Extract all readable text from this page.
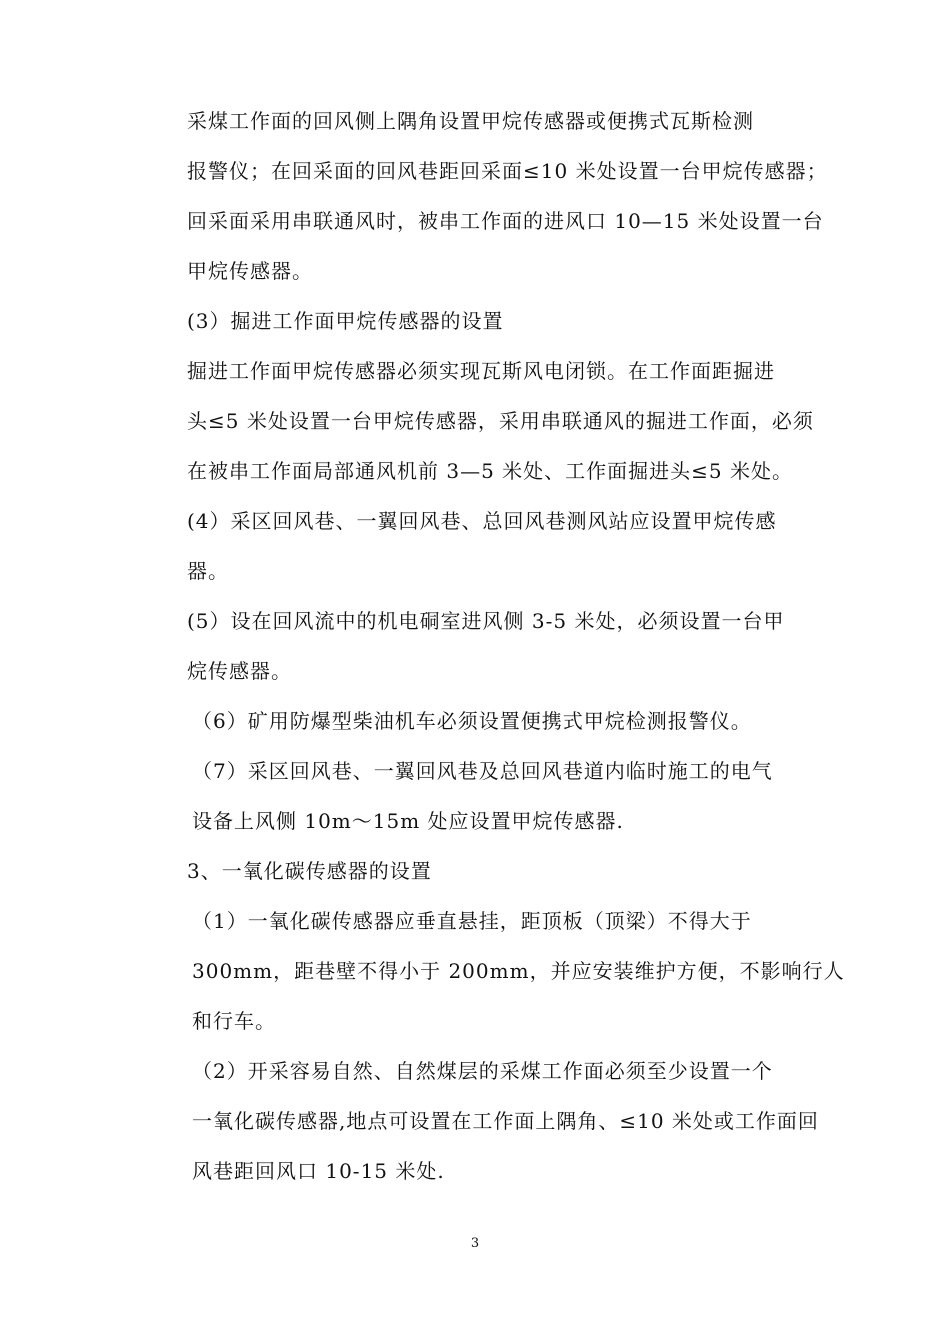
采煤工作面的回风侧上隅角设置甲烷传感器或便携式瓦斯检测
报警仪；在回采面的回风巷距回采面≤10 米处设置一台甲烷传感器；
回采面采用串联通风时，被串工作面的进风口 10—15 米处设置一台
甲烷传感器。

(3）掘进工作面甲烷传感器的设置

掘进工作面甲烷传感器必须实现瓦斯风电闭锁。在工作面距掘进
头≤5 米处设置一台甲烷传感器，采用串联通风的掘进工作面，必须
在被串工作面局部通风机前 3—5 米处、工作面掘进头≤5 米处。

(4）采区回风巷、一翼回风巷、总回风巷测风站应设置甲烷传感
器。

(5）设在回风流中的机电硐室进风侧 3-5 米处，必须设置一台甲
烷传感器。

（6）矿用防爆型柴油机车必须设置便携式甲烷检测报警仪。

（7）采区回风巷、一翼回风巷及总回风巷道内临时施工的电气
设备上风侧 10m～15m 处应设置甲烷传感器.

3、一氧化碳传感器的设置

（1）一氧化碳传感器应垂直悬挂，距顶板（顶梁）不得大于
300mm，距巷壁不得小于 200mm，并应安装维护方便，不影响行人
和行车。

（2）开采容易自然、自然煤层的采煤工作面必须至少设置一个
一氧化碳传感器,地点可设置在工作面上隅角、≤10 米处或工作面回
风巷距回风口 10-15 米处.

3
